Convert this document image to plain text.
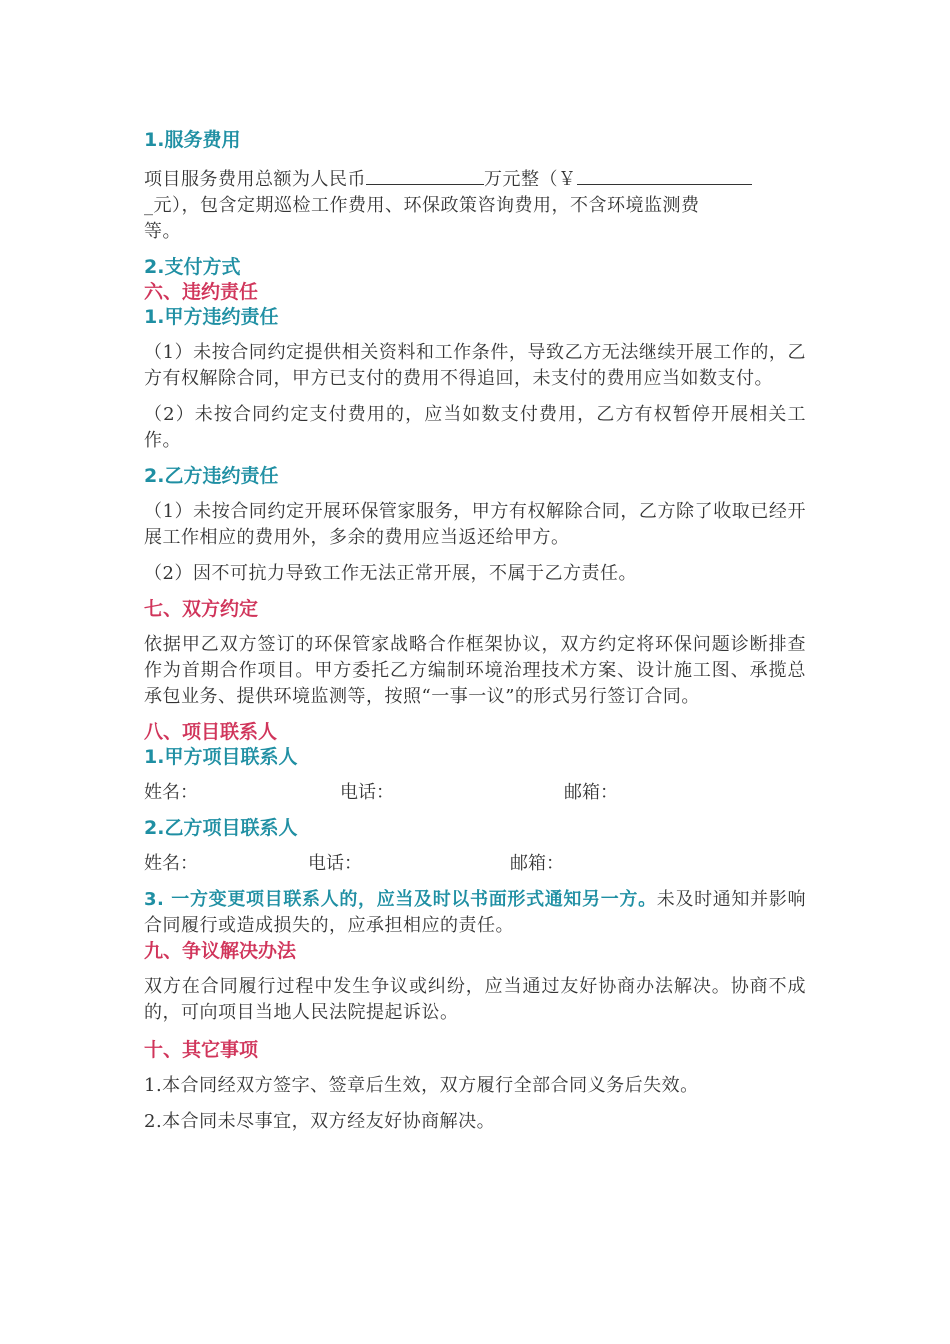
1.服务费用
项目服务费用总额为人民币	万元整（￥
_元），包含定期巡检工作费用、环保政策咨询费用，不含环境监测费
等。
2.支付方式
六、违约责任
1.甲方违约责任
（1）未按合同约定提供相关资料和工作条件，导致乙方无法继续开展工作的，乙方有权解除合同，甲方已支付的费用不得追回，未支付的费用应当如数支付。
（2）未按合同约定支付费用的，应当如数支付费用，乙方有权暂停开展相关工作。
2.乙方违约责任
（1）未按合同约定开展环保管家服务，甲方有权解除合同，乙方除了收取已经开展工作相应的费用外，多余的费用应当返还给甲方。
（2）因不可抗力导致工作无法正常开展，不属于乙方责任。
七、双方约定
依据甲乙双方签订的环保管家战略合作框架协议，双方约定将环保问题诊断排查作为首期合作项目。甲方委托乙方编制环境治理技术方案、设计施工图、承揽总承包业务、提供环境监测等，按照“一事一议”的形式另行签订合同。
八、项目联系人
1.甲方项目联系人
姓名：	电话：	邮箱：
2.乙方项目联系人
姓名：	电话：	邮箱：
3. 一方变更项目联系人的，应当及时以书面形式通知另一方。未及时通知并影响合同履行或造成损失的，应承担相应的责任。
九、争议解决办法
双方在合同履行过程中发生争议或纠纷，应当通过友好协商办法解决。协商不成的，可向项目当地人民法院提起诉讼。
十、其它事项
1.本合同经双方签字、签章后生效，双方履行全部合同义务后失效。
2.本合同未尽事宜，双方经友好协商解决。
